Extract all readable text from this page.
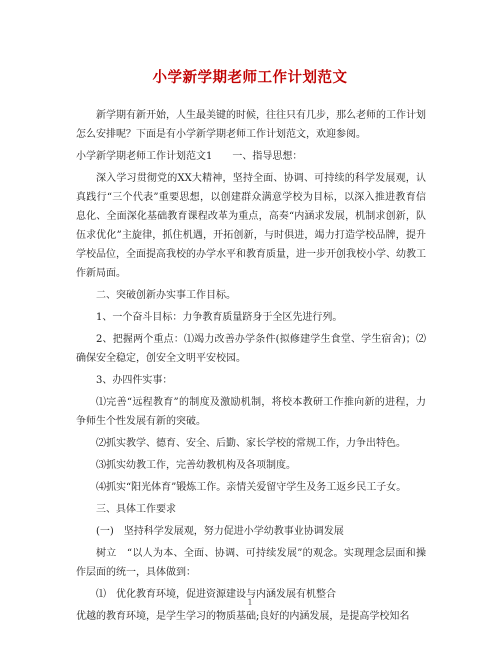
小学新学期老师工作计划范文

新学期有新开始，人生最美键的时候，往往只有几步，那么老师的工作计划怎么安排呢？下面是有小学新学期老师工作计划范文，欢迎参阅。

小学新学期老师工作计划范文1　　一、指导思想：

深入学习贯彻党的XX大精神，坚持全面、协调、可持续的科学发展观，认真践行“三个代表”重要思想，以创建群众满意学校为目标，以深入推进教育信息化、全面深化基础教育课程改革为重点，高奏“内涵求发展，机制求创新，队伍求优化”主旋律，抓住机遇，开拓创新，与时俱进，竭力打造学校品牌，提升学校品位，全面提高我校的办学水平和教育质量，进一步开创我校小学、幼教工作新局面。

二、突破创新办实事工作目标。

1、一个奋斗目标：力争教育质量跻身于全区先进行列。

2、把握两个重点：⑴竭力改善办学条件(拟修建学生食堂、学生宿舍)；⑵确保安全稳定，创安全文明平安校园。

3、办四件实事：

⑴完善“远程教育”的制度及激励机制，将校本教研工作推向新的进程，力争师生个性发展有新的突破。

⑵抓实教学、德育、安全、后勤、家长学校的常规工作，力争出特色。

⑶抓实幼教工作，完善幼教机构及各项制度。

⑷抓实“阳光体育”锻炼工作。亲情关爱留守学生及务工返乡民工子女。

三、具体工作要求

(一)　坚持科学发展观，努力促进小学幼教事业协调发展

树立　“以人为本、全面、协调、可持续发展”的观念。实现理念层面和操作层面的统一，具体做到：

⑴　优化教育环境，促进资源建设与内涵发展有机整合

优越的教育环境，是学生学习的物质基础;良好的内涵发展，是提高学校知名

1
